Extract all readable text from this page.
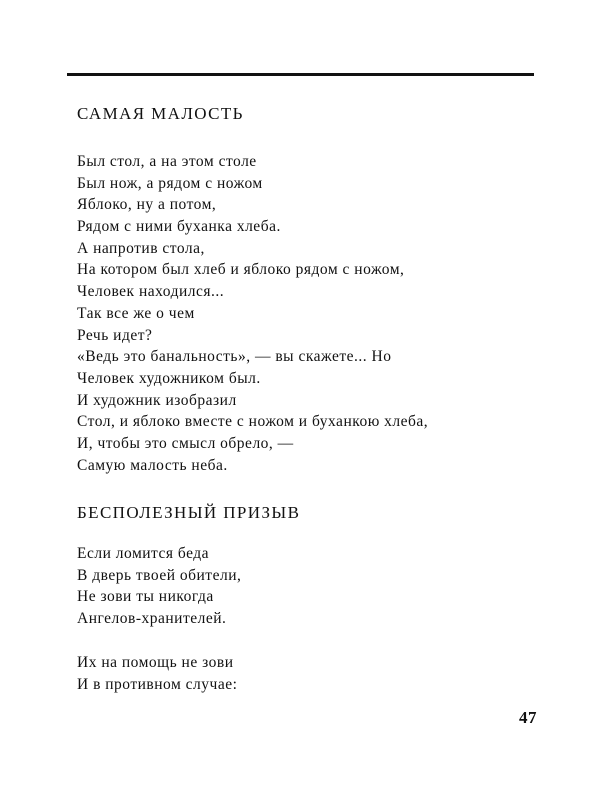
САМАЯ МАЛОСТЬ
Был стол, а на этом столе
Был нож, а рядом с ножом
Яблоко, ну а потом,
Рядом с ними буханка хлеба.
А напротив стола,
На котором был хлеб и яблоко рядом с ножом,
Человек находился...
Так все же о чем
Речь идет?
«Ведь это банальность», — вы скажете... Но
Человек художником был.
И художник изобразил
Стол, и яблоко вместе с ножом и буханкою хлеба,
И, чтобы это смысл обрело, —
Самую малость неба.
БЕСПОЛЕЗНЫЙ ПРИЗЫВ
Если ломится беда
В дверь твоей обители,
Не зови ты никогда
Ангелов-хранителей.
Их на помощь не зови
И в противном случае:
47
